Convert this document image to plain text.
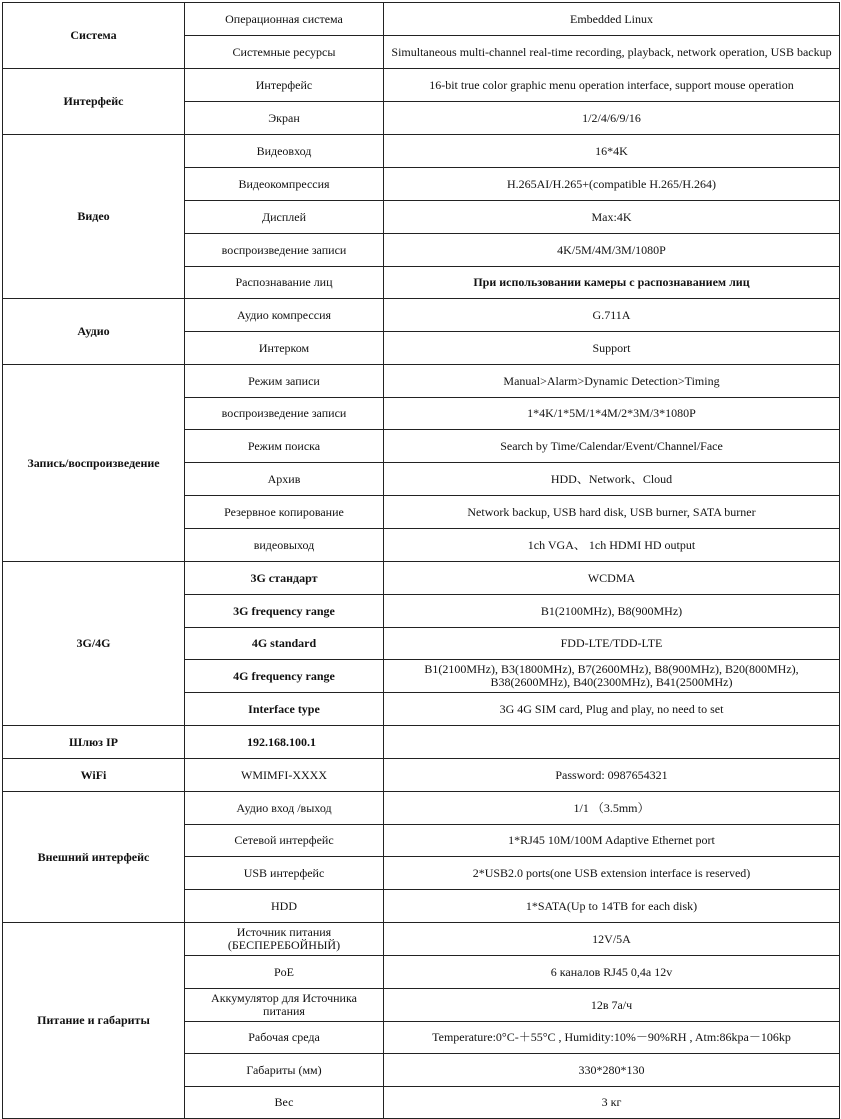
Система	Операционная система	Embedded Linux
	Системные ресурсы	Simultaneous multi-channel real-time recording, playback, network operation, USB backup
Интерфейс	Интерфейс	16-bit true color graphic menu operation interface, support mouse operation
	Экран	1/2/4/6/9/16
Видео	Видеовход	16*4K
	Видеокомпрессия	H.265AI/H.265+(compatible H.265/H.264)
	Дисплей	Max:4K
	воспроизведение записи	4K/5M/4M/3M/1080P
	Распознавание лиц	При использовании камеры с распознаванием лиц
Аудио	Аудио компрессия	G.711A
	Интерком	Support
Запись/воспроизведение	Режим записи	Manual>Alarm>Dynamic Detection>Timing
	воспроизведение записи	1*4K/1*5M/1*4M/2*3M/3*1080P
	Режим поиска	Search by Time/Calendar/Event/Channel/Face
	Архив	HDD、Network、Cloud
	Резервное копирование	Network backup, USB hard disk, USB burner, SATA burner
	видеовыход	1ch VGA、 1ch HDMI HD output
3G/4G	3G стандарт	WCDMA
	3G frequency range	B1(2100MHz), B8(900MHz)
	4G standard	FDD-LTE/TDD-LTE
	4G frequency range	B1(2100MHz), B3(1800MHz), B7(2600MHz), B8(900MHz), B20(800MHz), B38(2600MHz), B40(2300MHz), B41(2500MHz)
	Interface type	3G 4G SIM card, Plug and play, no need to set
Шлюз IP	192.168.100.1	
WiFi	WMIMFI-XXXX	Password: 0987654321
Внешний интерфейс	Аудио вход /выход	1/1 （3.5mm）
	Сетевой интерфейс	1*RJ45 10M/100M Adaptive Ethernet port
	USB интерфейс	2*USB2.0 ports(one USB extension interface is reserved)
	HDD	1*SATA(Up to 14TB for each disk)
Питание и габариты	Источник питания (БЕСПЕРЕБОЙНЫЙ)	12V/5A
	PoE	6 каналов RJ45 0,4а 12v
	Аккумулятор для Источника питания	12в 7а/ч
	Рабочая среда	Temperature:0°C-＋55°C , Humidity:10%－90%RH , Atm:86kpa－106kp
	Габариты (мм)	330*280*130
	Вес	3 кг
